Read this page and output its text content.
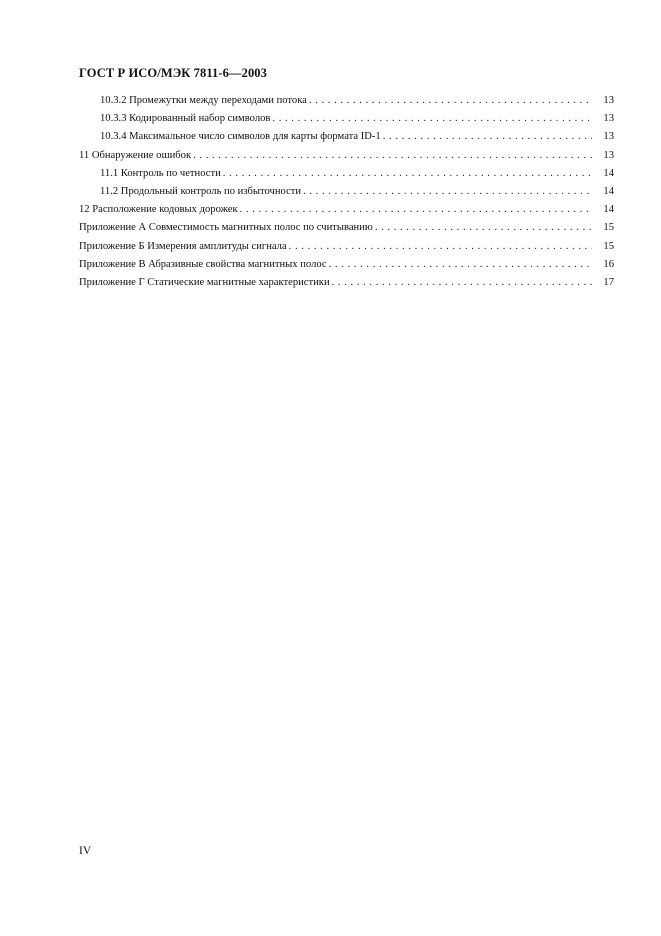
ГОСТ Р ИСО/МЭК 7811-6—2003
10.3.2 Промежутки между переходами потока . . .	13
10.3.3 Кодированный набор символов . . .	13
10.3.4 Максимальное число символов для карты формата ID-1 . . .	13
11 Обнаружение ошибок . . .	13
11.1 Контроль по четности . . .	14
11.2 Продольный контроль по избыточности . . .	14
12 Расположение кодовых дорожек . . .	14
Приложение А Совместимость магнитных полос по считыванию . . .	15
Приложение Б Измерения амплитуды сигнала . . .	15
Приложение В Абразивные свойства магнитных полос . . .	16
Приложение Г Статические магнитные характеристики . . .	17
IV
